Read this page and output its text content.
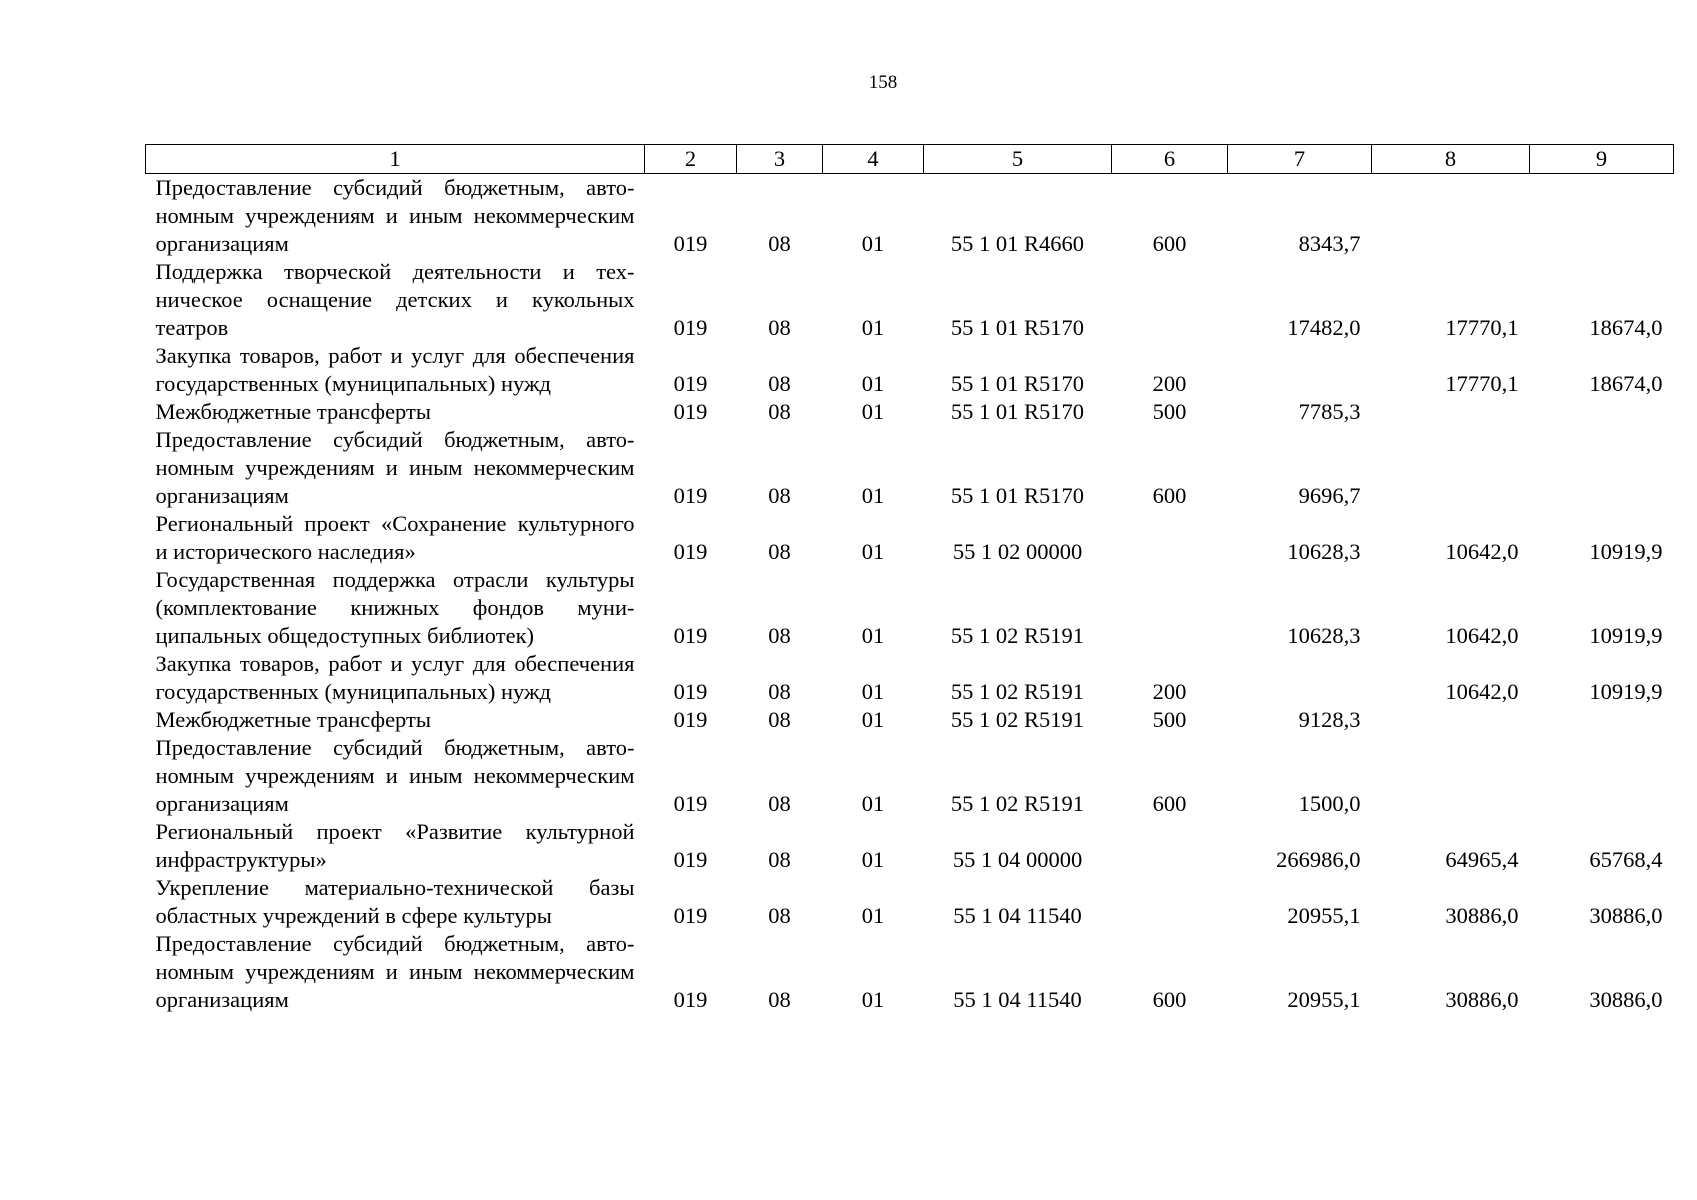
158
1	2	3	4	5	6	7	8	9
Предоставление субсидий бюджетным, автономным учреждениям и иным некоммерческим организациям	019	08	01	55 1 01 R4660	600	8343,7		
Поддержка творческой деятельности и техническое оснащение детских и кукольных театров	019	08	01	55 1 01 R5170		17482,0	17770,1	18674,0
Закупка товаров, работ и услуг для обеспечения государственных (муниципальных) нужд	019	08	01	55 1 01 R5170	200		17770,1	18674,0
Межбюджетные трансферты	019	08	01	55 1 01 R5170	500	7785,3		
Предоставление субсидий бюджетным, автономным учреждениям и иным некоммерческим организациям	019	08	01	55 1 01 R5170	600	9696,7		
Региональный проект «Сохранение культурного и исторического наследия»	019	08	01	55 1 02 00000		10628,3	10642,0	10919,9
Государственная поддержка отрасли культуры (комплектование книжных фондов муниципальных общедоступных библиотек)	019	08	01	55 1 02 R5191		10628,3	10642,0	10919,9
Закупка товаров, работ и услуг для обеспечения государственных (муниципальных) нужд	019	08	01	55 1 02 R5191	200		10642,0	10919,9
Межбюджетные трансферты	019	08	01	55 1 02 R5191	500	9128,3		
Предоставление субсидий бюджетным, автономным учреждениям и иным некоммерческим организациям	019	08	01	55 1 02 R5191	600	1500,0		
Региональный проект «Развитие культурной инфраструктуры»	019	08	01	55 1 04 00000		266986,0	64965,4	65768,4
Укрепление материально-технической базы областных учреждений в сфере культуры	019	08	01	55 1 04 11540		20955,1	30886,0	30886,0
Предоставление субсидий бюджетным, автономным учреждениям и иным некоммерческим организациям	019	08	01	55 1 04 11540	600	20955,1	30886,0	30886,0
